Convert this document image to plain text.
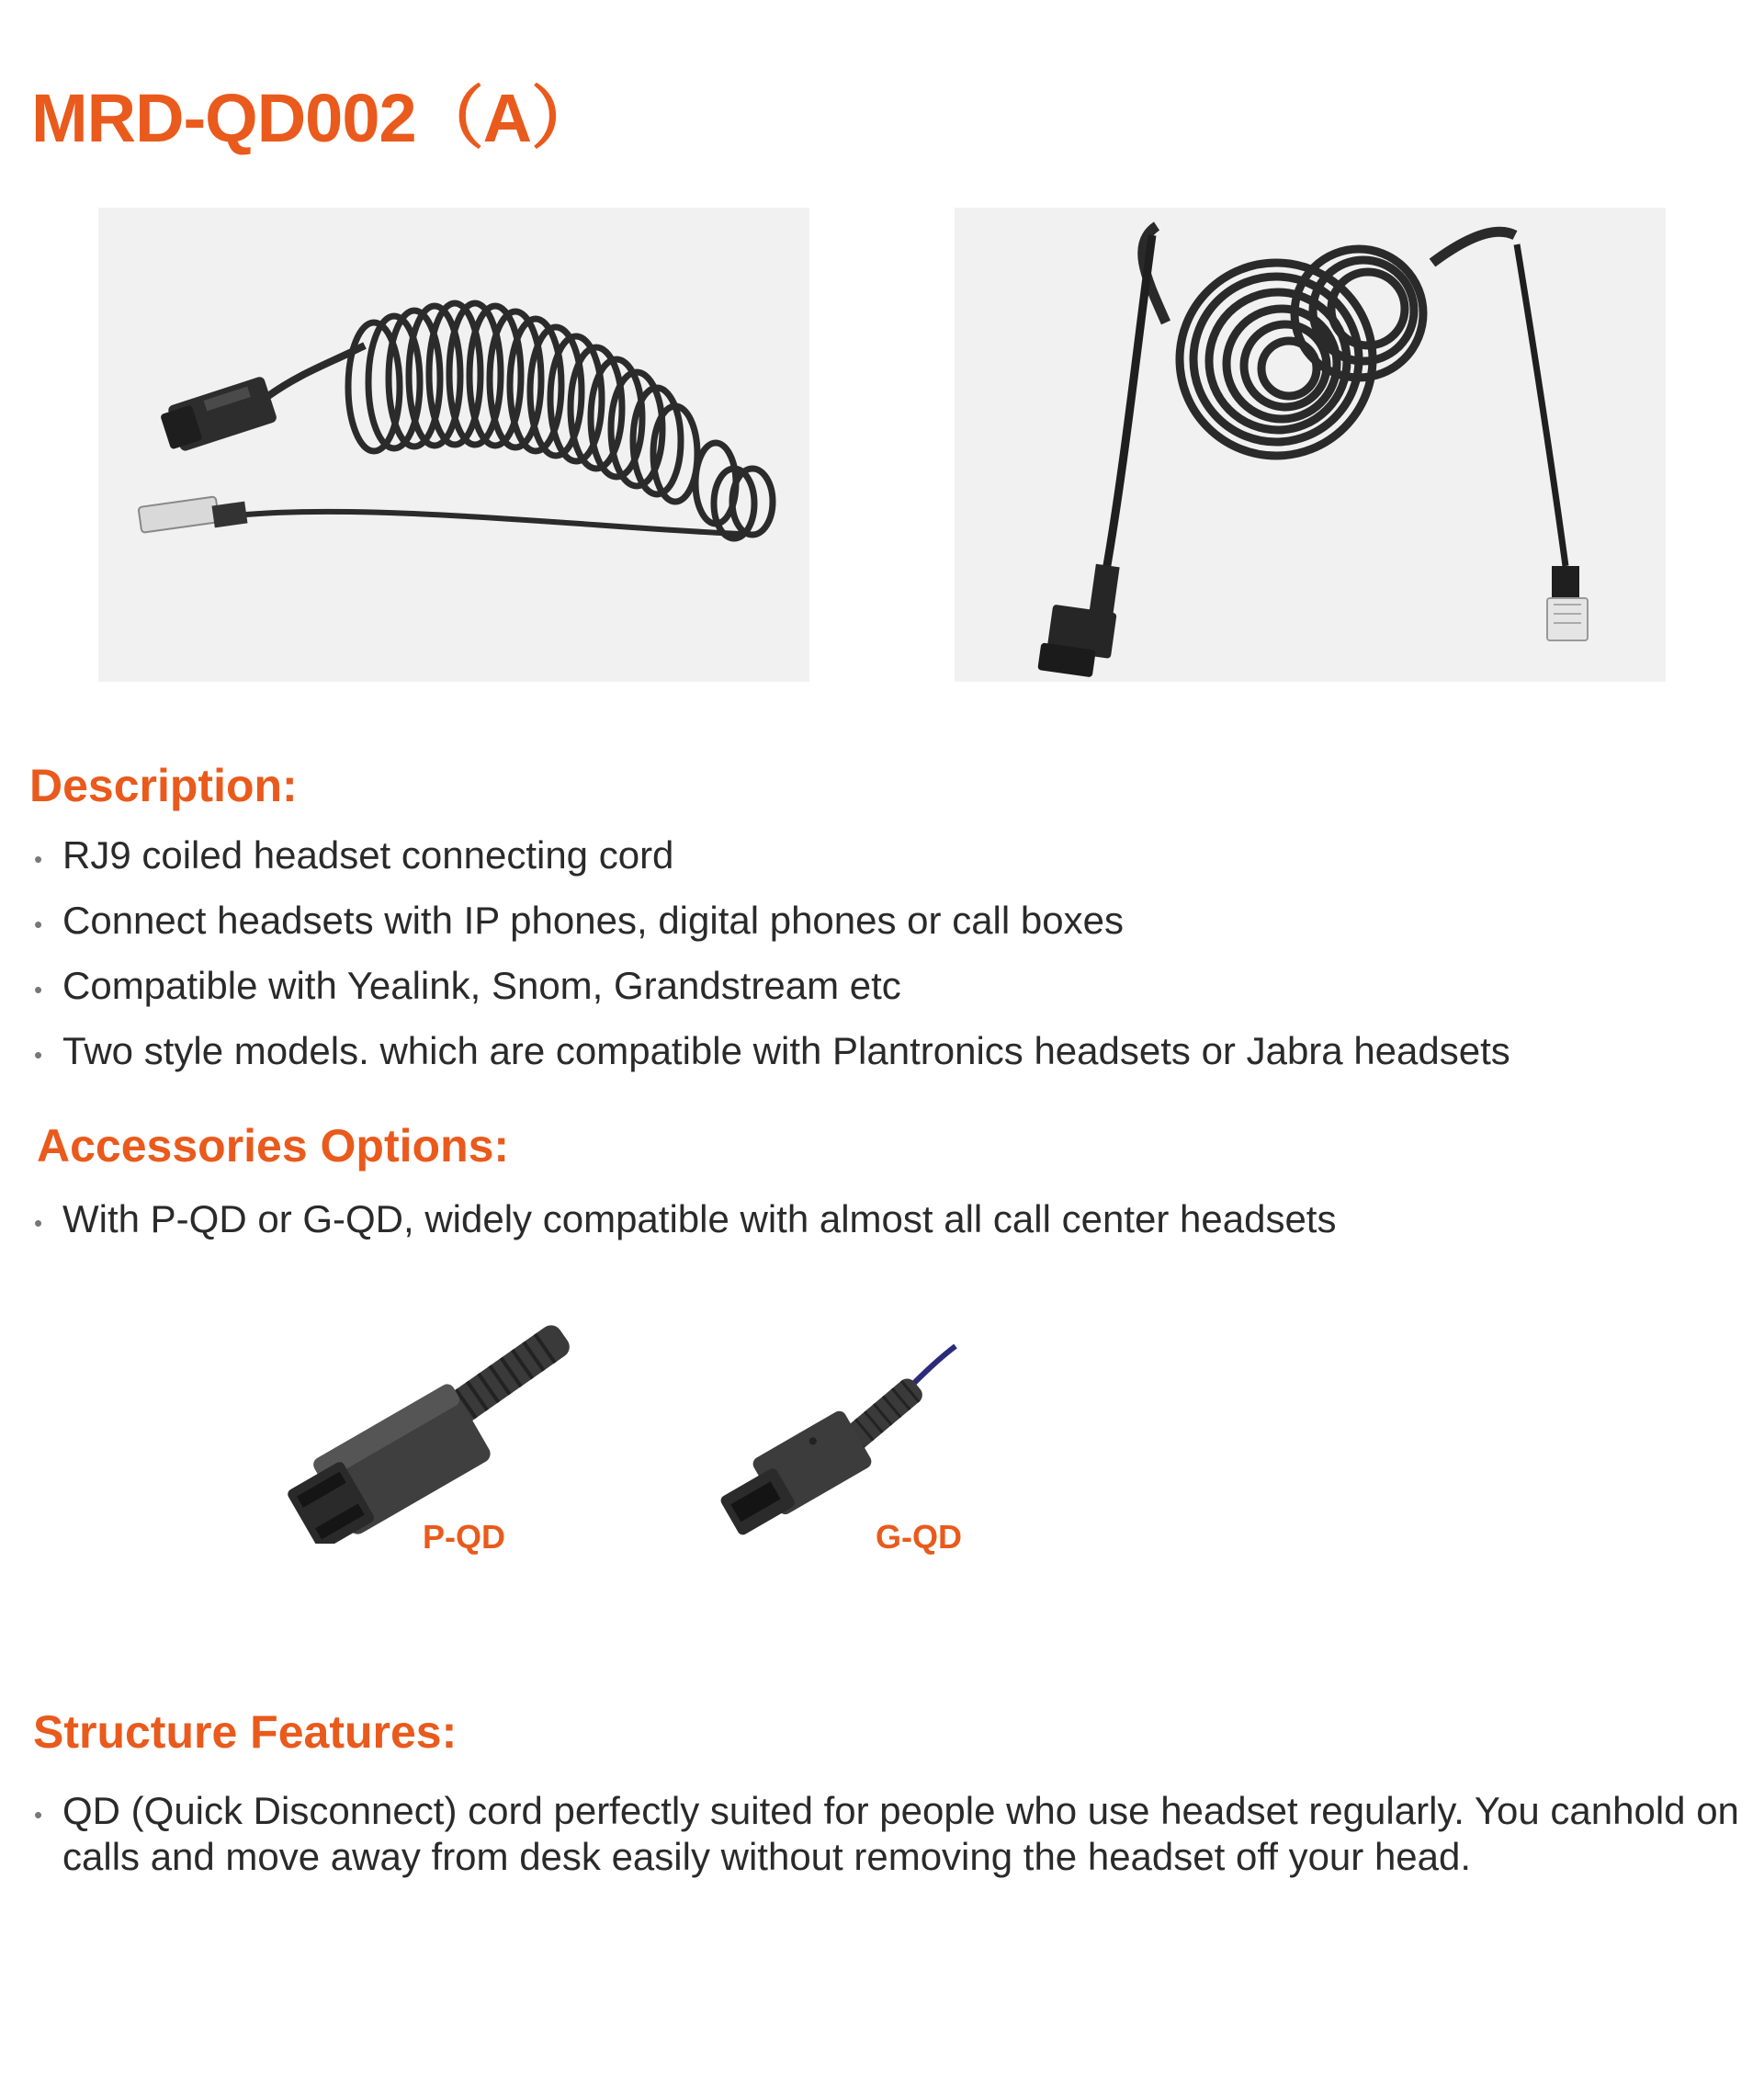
MRD-QD002（A）
Description:
• RJ9 coiled headset connecting cord
• Connect headsets with IP phones, digital phones or call boxes
• Compatible with Yealink, Snom, Grandstream etc
• Two style models. which are compatible with Plantronics headsets or Jabra headsets
Accessories Options:
• With P-QD or G-QD, widely compatible with almost all call center headsets
P-QD	G-QD
Structure Features:
• QD (Quick Disconnect) cord perfectly suited for people who use headset regularly. You canhold on calls and move away from desk easily without removing the headset off your head.
